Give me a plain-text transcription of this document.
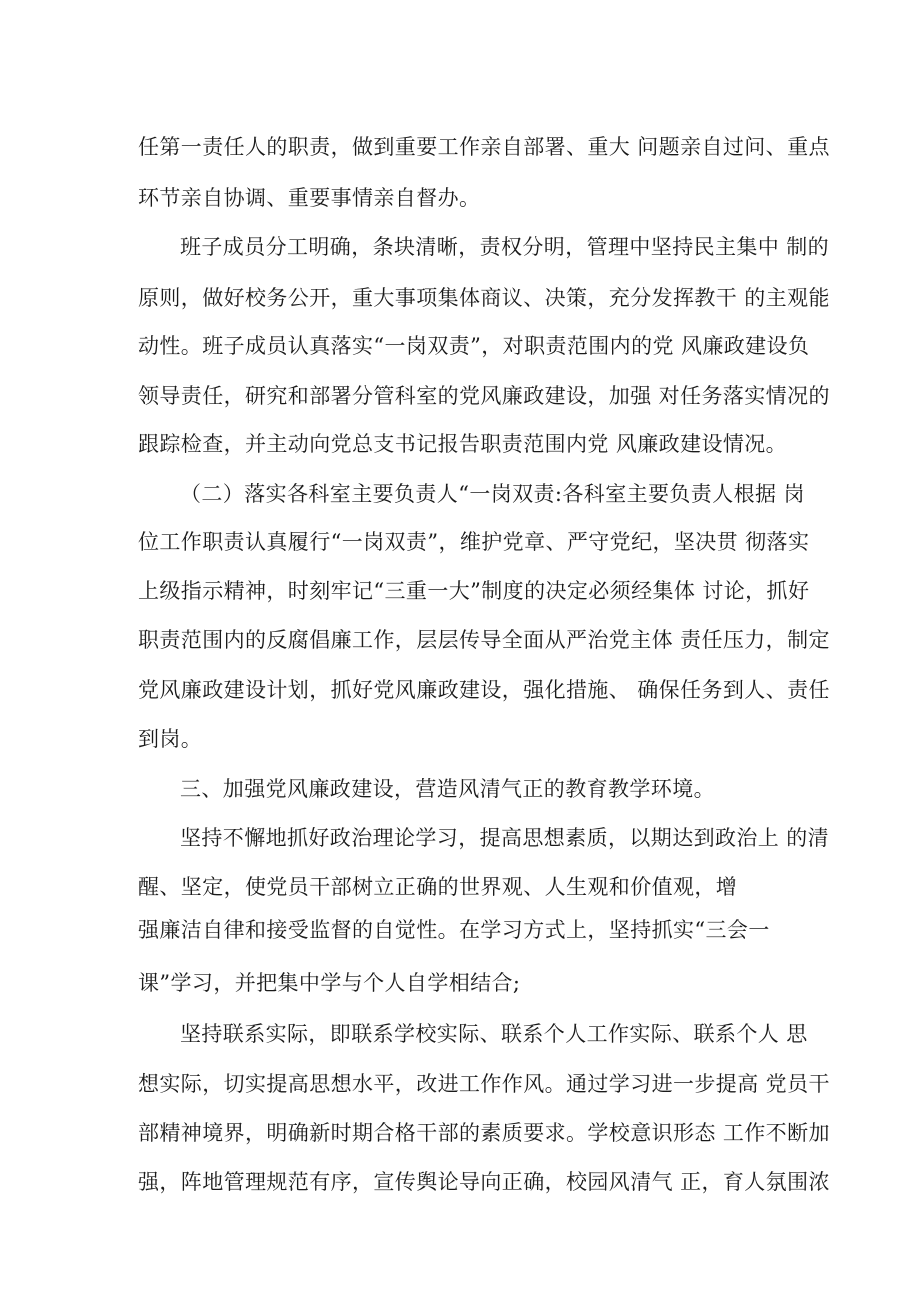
任第一责任人的职责，做到重要工作亲自部署、重大 问题亲自过问、重点
环节亲自协调、重要事情亲自督办。
班子成员分工明确，条块清晰，责权分明，管理中坚持民主集中 制的
原则，做好校务公开，重大事项集体商议、决策，充分发挥教干 的主观能
动性。班子成员认真落实“一岗双责”，对职责范围内的党 风廉政建设负
领导责任，研究和部署分管科室的党风廉政建设，加强 对任务落实情况的
跟踪检查，并主动向党总支书记报告职责范围内党 风廉政建设情况。
（二）落实各科室主要负责人“一岗双责:各科室主要负责人根据 岗
位工作职责认真履行“一岗双责”，维护党章、严守党纪，坚决贯 彻落实
上级指示精神，时刻牢记“三重一大”制度的决定必须经集体 讨论，抓好
职责范围内的反腐倡廉工作，层层传导全面从严治党主体 责任压力，制定
党风廉政建设计划，抓好党风廉政建设，强化措施、 确保任务到人、责任
到岗。
三、加强党风廉政建设，营造风清气正的教育教学环境。
坚持不懈地抓好政治理论学习，提高思想素质，以期达到政治上 的清
醒、坚定，使党员干部树立正确的世界观、人生观和价值观，增
强廉洁自律和接受监督的自觉性。在学习方式上，坚持抓实“三会一
课”学习，并把集中学与个人自学相结合;
坚持联系实际，即联系学校实际、联系个人工作实际、联系个人 思
想实际，切实提高思想水平，改进工作作风。通过学习进一步提高 党员干
部精神境界，明确新时期合格干部的素质要求。学校意识形态 工作不断加
强，阵地管理规范有序，宣传舆论导向正确，校园风清气 正，育人氛围浓
